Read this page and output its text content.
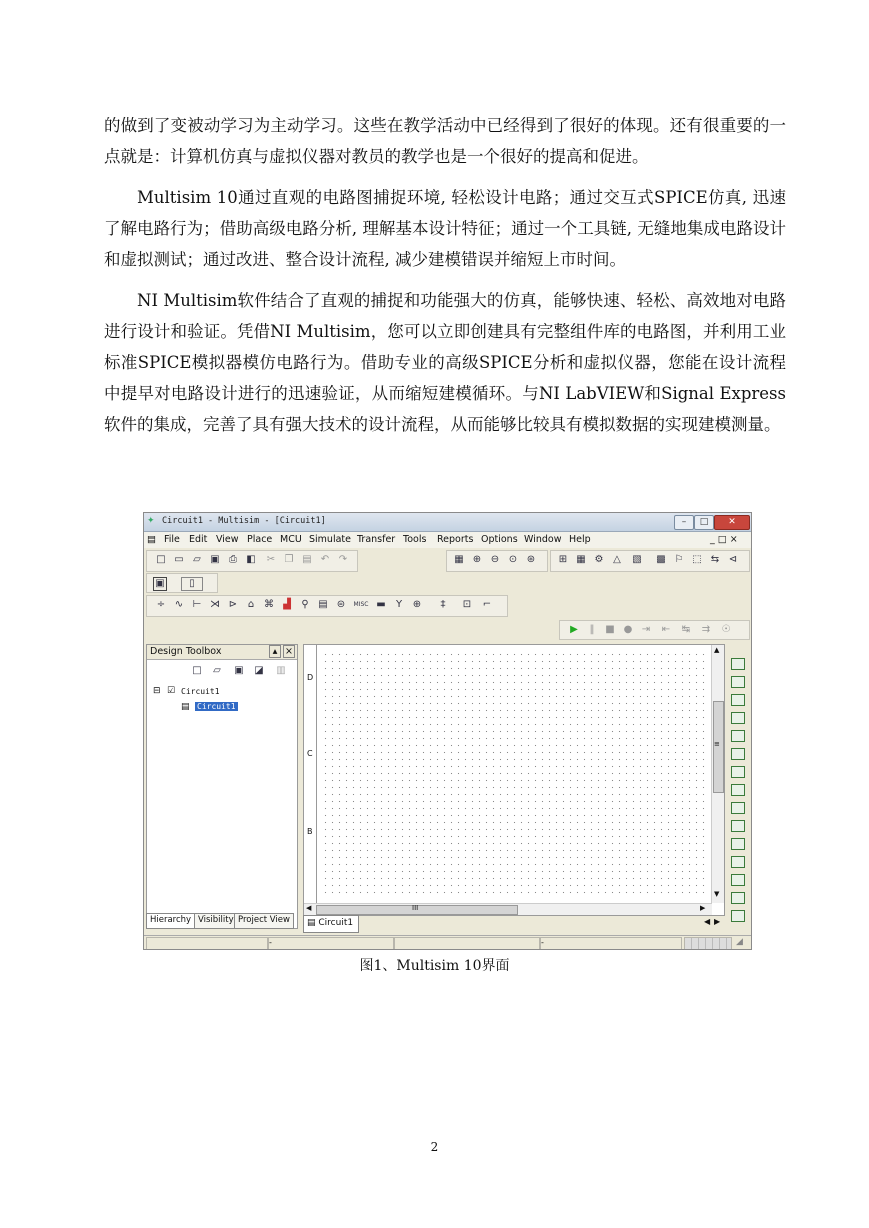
的做到了变被动学习为主动学习。这些在教学活动中已经得到了很好的体现。还有很重要的一点就是：计算机仿真与虚拟仪器对教员的教学也是一个很好的提高和促进。

Multisim 10通过直观的电路图捕捉环境, 轻松设计电路；通过交互式SPICE仿真, 迅速了解电路行为；借助高级电路分析, 理解基本设计特征；通过一个工具链, 无缝地集成电路设计和虚拟测试；通过改进、整合设计流程, 减少建模错误并缩短上市时间。

NI Multisim软件结合了直观的捕捉和功能强大的仿真，能够快速、轻松、高效地对电路进行设计和验证。凭借NI Multisim，您可以立即创建具有完整组件库的电路图，并利用工业标准SPICE模拟器模仿电路行为。借助专业的高级SPICE分析和虚拟仪器，您能在设计流程中提早对电路设计进行的迅速验证，从而缩短建模循环。与NI LabVIEW和Signal Express软件的集成，完善了具有强大技术的设计流程，从而能够比较具有模拟数据的实现建模测量。

✦ Circuit1 - Multisim - [Circuit1]	–	□	✕
▤ File Edit View Place MCU Simulate Transfer Tools Reports Options Window Help	_ □ ×
□ ▭ ▱ ▣ ⎙ ◧ ✂ ❐ ▤ ↶ ↷	▦ ⊕ ⊖ ⊙ ⊛ ⊞ ▦ ⚙ △ ▧ ▩ ⚐ ⬚ ⇆ ⊲
▣	▯
÷ ∿ ⊢ ⋊ ⊳ ⌂ ⌘ ▟ ⚲ ▤ ⊜	MISC ▬ Y ⊕	‡	⊡ ⌐
▶	‖	■ ● ⇥ ⇤ ↹ ⇉ ☉
Design Toolbox	▴ ×
□ ▱ ▣ ◪ ▥
⊟ ☑ Circuit1
▤ Circuit1
Hierarchy Visibility Project View
D
C
B
▲
≡
▼
◀	III	▶
▤ Circuit1	◀ ▶
-	-	◢
图1、Multisim 10界面
2
